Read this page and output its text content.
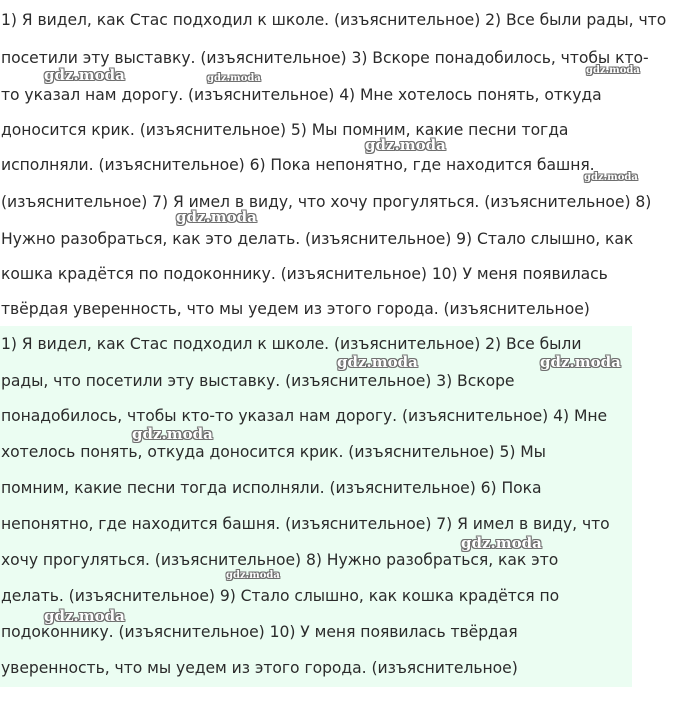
1) Я видел, как Стас подходил к школе. (изъяснительное) 2) Все были рады, что
посетили эту выставку. (изъяснительное) 3) Вскоре понадобилось, чтобы кто-
то указал нам дорогу. (изъяснительное) 4) Мне хотелось понять, откуда
доносится крик. (изъяснительное) 5) Мы помним, какие песни тогда
исполняли. (изъяснительное) 6) Пока непонятно, где находится башня.
(изъяснительное) 7) Я имел в виду, что хочу прогуляться. (изъяснительное) 8)
Нужно разобраться, как это делать. (изъяснительное) 9) Стало слышно, как
кошка крадётся по подоконнику. (изъяснительное) 10) У меня появилась
твёрдая уверенность, что мы уедем из этого города. (изъяснительное)
1) Я видел, как Стас подходил к школе. (изъяснительное) 2) Все были
рады, что посетили эту выставку. (изъяснительное) 3) Вскоре
понадобилось, чтобы кто-то указал нам дорогу. (изъяснительное) 4) Мне
хотелось понять, откуда доносится крик. (изъяснительное) 5) Мы
помним, какие песни тогда исполняли. (изъяснительное) 6) Пока
непонятно, где находится башня. (изъяснительное) 7) Я имел в виду, что
хочу прогуляться. (изъяснительное) 8) Нужно разобраться, как это
делать. (изъяснительное) 9) Стало слышно, как кошка крадётся по
подоконнику. (изъяснительное) 10) У меня появилась твёрдая
уверенность, что мы уедем из этого города. (изъяснительное)
gdz.moda	gdz.moda
gdz.moda
gdz.moda
gdz.moda
gdz.moda
gdz.moda	gdz.moda
gdz.moda
gdz.moda
gdz.moda
gdz.moda
